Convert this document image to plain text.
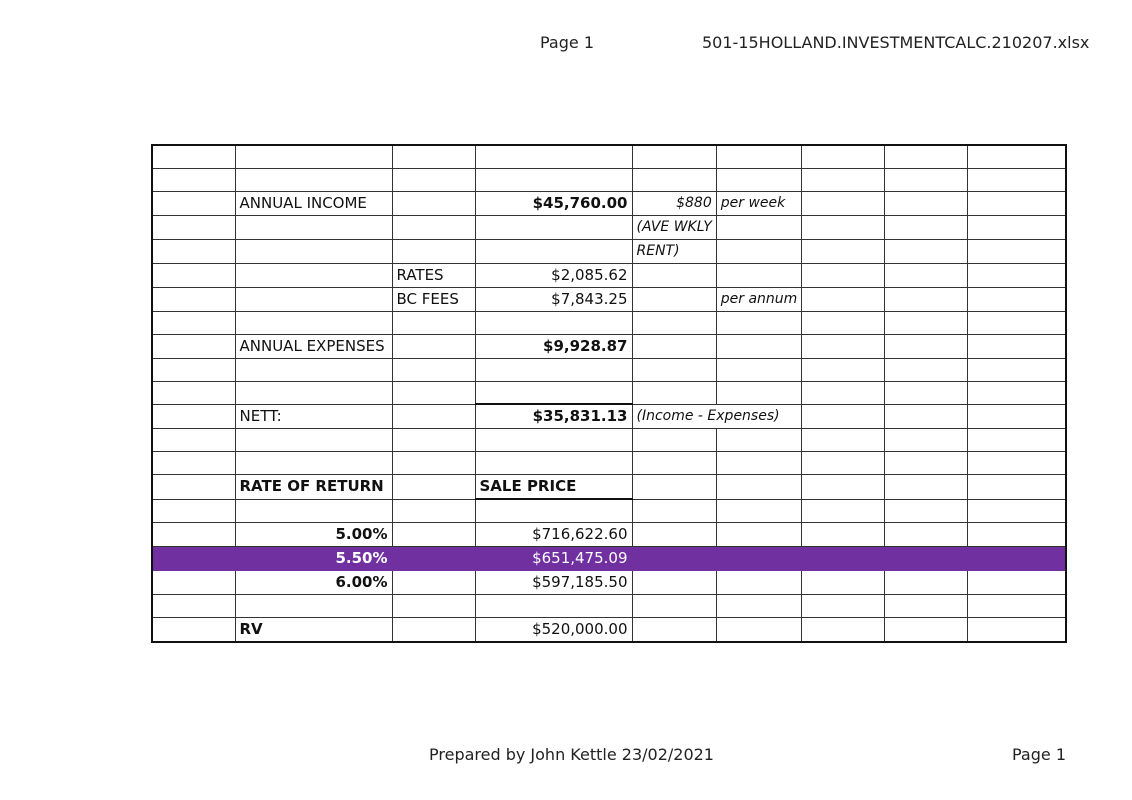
Page 1	501-15HOLLAND.INVESTMENTCALC.210207.xlsx

	ANNUAL INCOME		$45,760.00	$880	per week			
				(AVE WKLY				
				RENT)				
		RATES	$2,085.62					
		BC FEES	$7,843.25		per annum			

	ANNUAL EXPENSES		$9,928.87					

	NETT:		$35,831.13	(Income - Expenses)				

	RATE OF RETURN		SALE PRICE					

	5.00%		$716,622.60					
	5.50%		$651,475.09					
	6.00%		$597,185.50					

	RV		$520,000.00					
Prepared by John Kettle 23/02/2021	Page 1
